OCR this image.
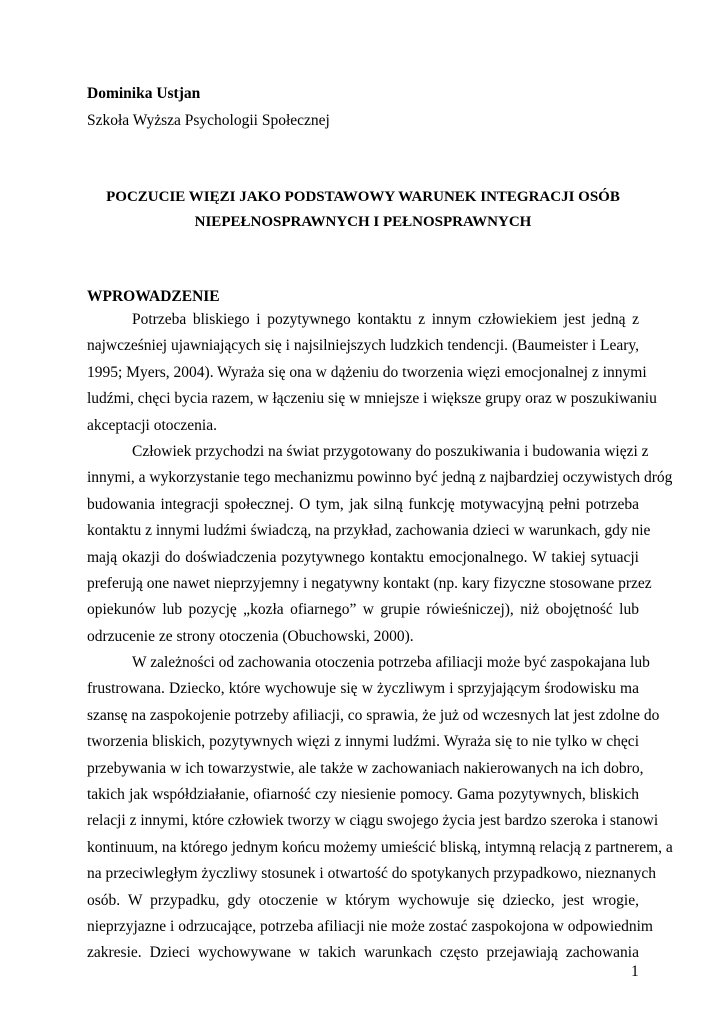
Dominika Ustjan
Szkoła Wyższa Psychologii Społecznej
POCZUCIE WIĘZI JAKO PODSTAWOWY WARUNEK INTEGRACJI OSÓB
NIEPEŁNOSPRAWNYCH I PEŁNOSPRAWNYCH
WPROWADZENIE
Potrzeba bliskiego i pozytywnego kontaktu z innym człowiekiem jest jedną z
najwcześniej ujawniających się i najsilniejszych ludzkich tendencji. (Baumeister i Leary,
1995; Myers, 2004). Wyraża się ona w dążeniu do tworzenia więzi emocjonalnej z innymi
ludźmi, chęci bycia razem, w łączeniu się w mniejsze i większe grupy oraz w poszukiwaniu
akceptacji otoczenia.
Człowiek przychodzi na świat przygotowany do poszukiwania i budowania więzi z
innymi, a wykorzystanie tego mechanizmu powinno być jedną z najbardziej oczywistych dróg
budowania integracji społecznej. O tym, jak silną funkcję motywacyjną pełni potrzeba
kontaktu z innymi ludźmi świadczą, na przykład, zachowania dzieci w warunkach, gdy nie
mają okazji do doświadczenia pozytywnego kontaktu emocjonalnego. W takiej sytuacji
preferują one nawet nieprzyjemny i negatywny kontakt (np. kary fizyczne stosowane przez
opiekunów lub pozycję „kozła ofiarnego” w grupie rówieśniczej), niż obojętność lub
odrzucenie ze strony otoczenia (Obuchowski, 2000).
W zależności od zachowania otoczenia potrzeba afiliacji może być zaspokajana lub
frustrowana. Dziecko, które wychowuje się w życzliwym i sprzyjającym środowisku ma
szansę na zaspokojenie potrzeby afiliacji, co sprawia, że już od wczesnych lat jest zdolne do
tworzenia bliskich, pozytywnych więzi z innymi ludźmi. Wyraża się to nie tylko w chęci
przebywania w ich towarzystwie, ale także w zachowaniach nakierowanych na ich dobro,
takich jak współdziałanie, ofiarność czy niesienie pomocy. Gama pozytywnych, bliskich
relacji z innymi, które człowiek tworzy w ciągu swojego życia jest bardzo szeroka i stanowi
kontinuum, na którego jednym końcu możemy umieścić bliską, intymną relacją z partnerem, a
na przeciwległym życzliwy stosunek i otwartość do spotykanych przypadkowo, nieznanych
osób. W przypadku, gdy otoczenie w którym wychowuje się dziecko, jest wrogie,
nieprzyjazne i odrzucające, potrzeba afiliacji nie może zostać zaspokojona w odpowiednim
zakresie. Dzieci wychowywane w takich warunkach często przejawiają zachowania
1
